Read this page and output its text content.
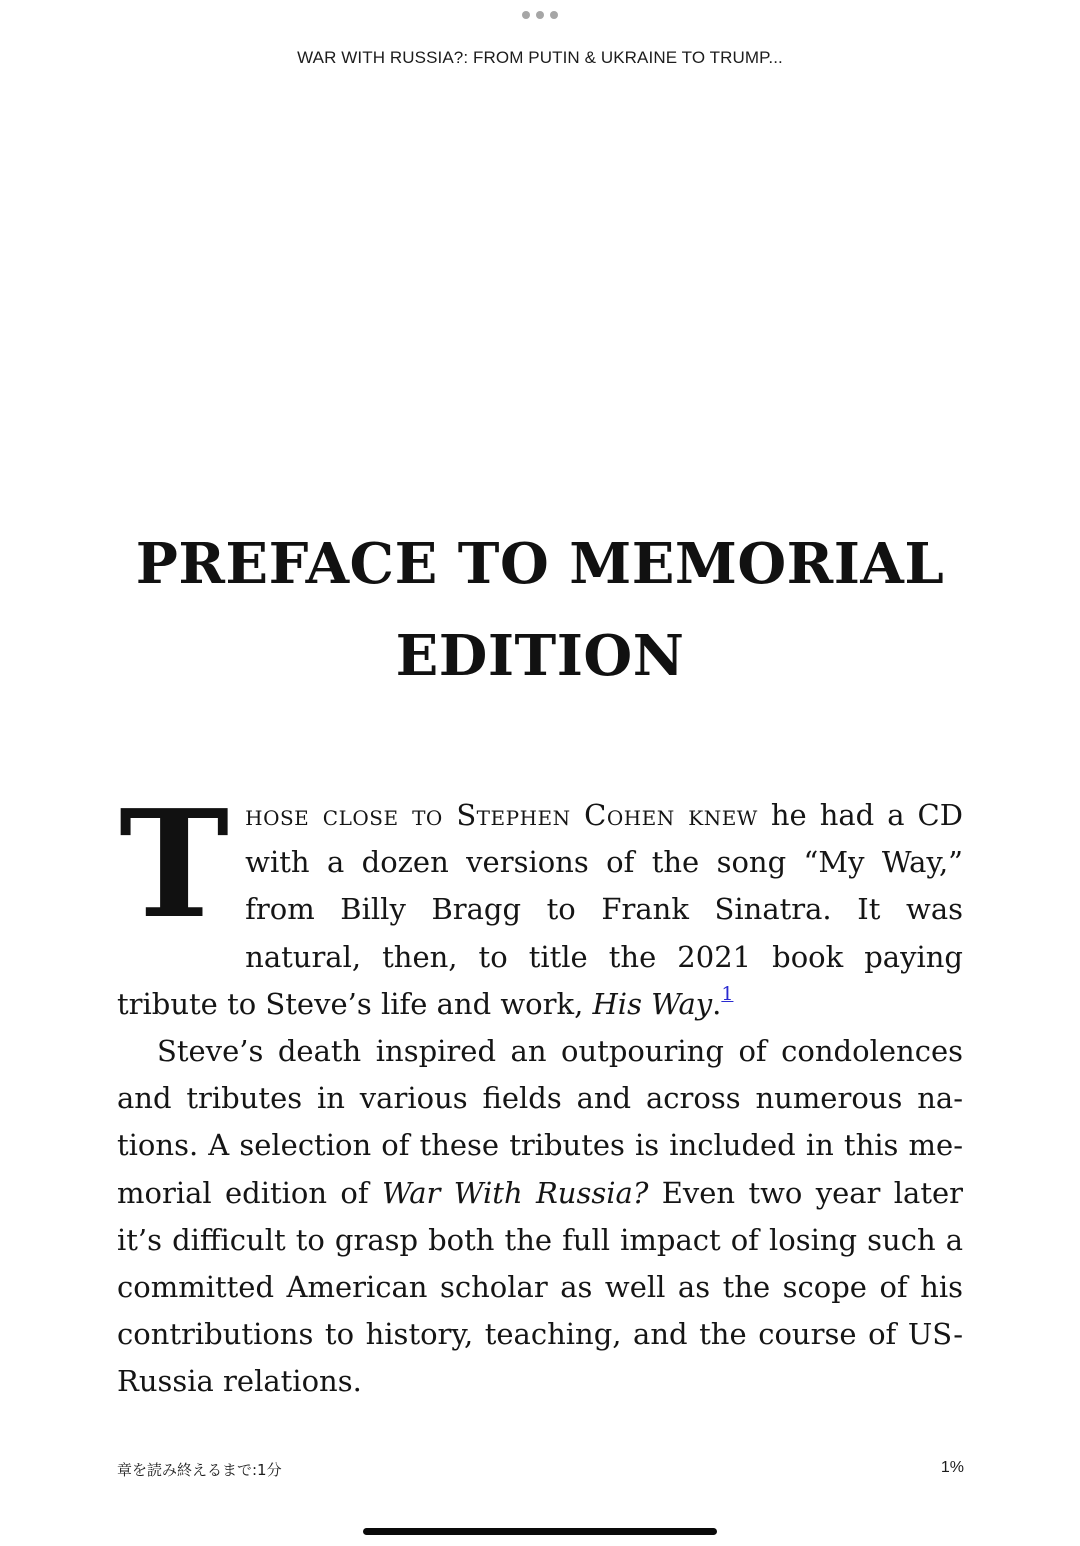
WAR WITH RUSSIA?: FROM PUTIN & UKRAINE TO TRUMP...
PREFACE TO MEMORIAL EDITION

Those close to Stephen Cohen knew he had a CD with a dozen versions of the song “My Way,” from Billy Bragg to Frank Sinatra. It was natural, then, to title the 2021 book paying tribute to Steve’s life and work, His Way.$^1$

Steve’s death inspired an outpouring of condolences and tributes in various fields and across numerous nations. A selection of these tributes is included in this memorial edition of War With Russia? Even two year later it’s difficult to grasp both the full impact of losing such a committed American scholar as well as the scope of his contributions to history, teaching, and the course of US-Russia relations.

章を読み終えるまで:1分	1%
